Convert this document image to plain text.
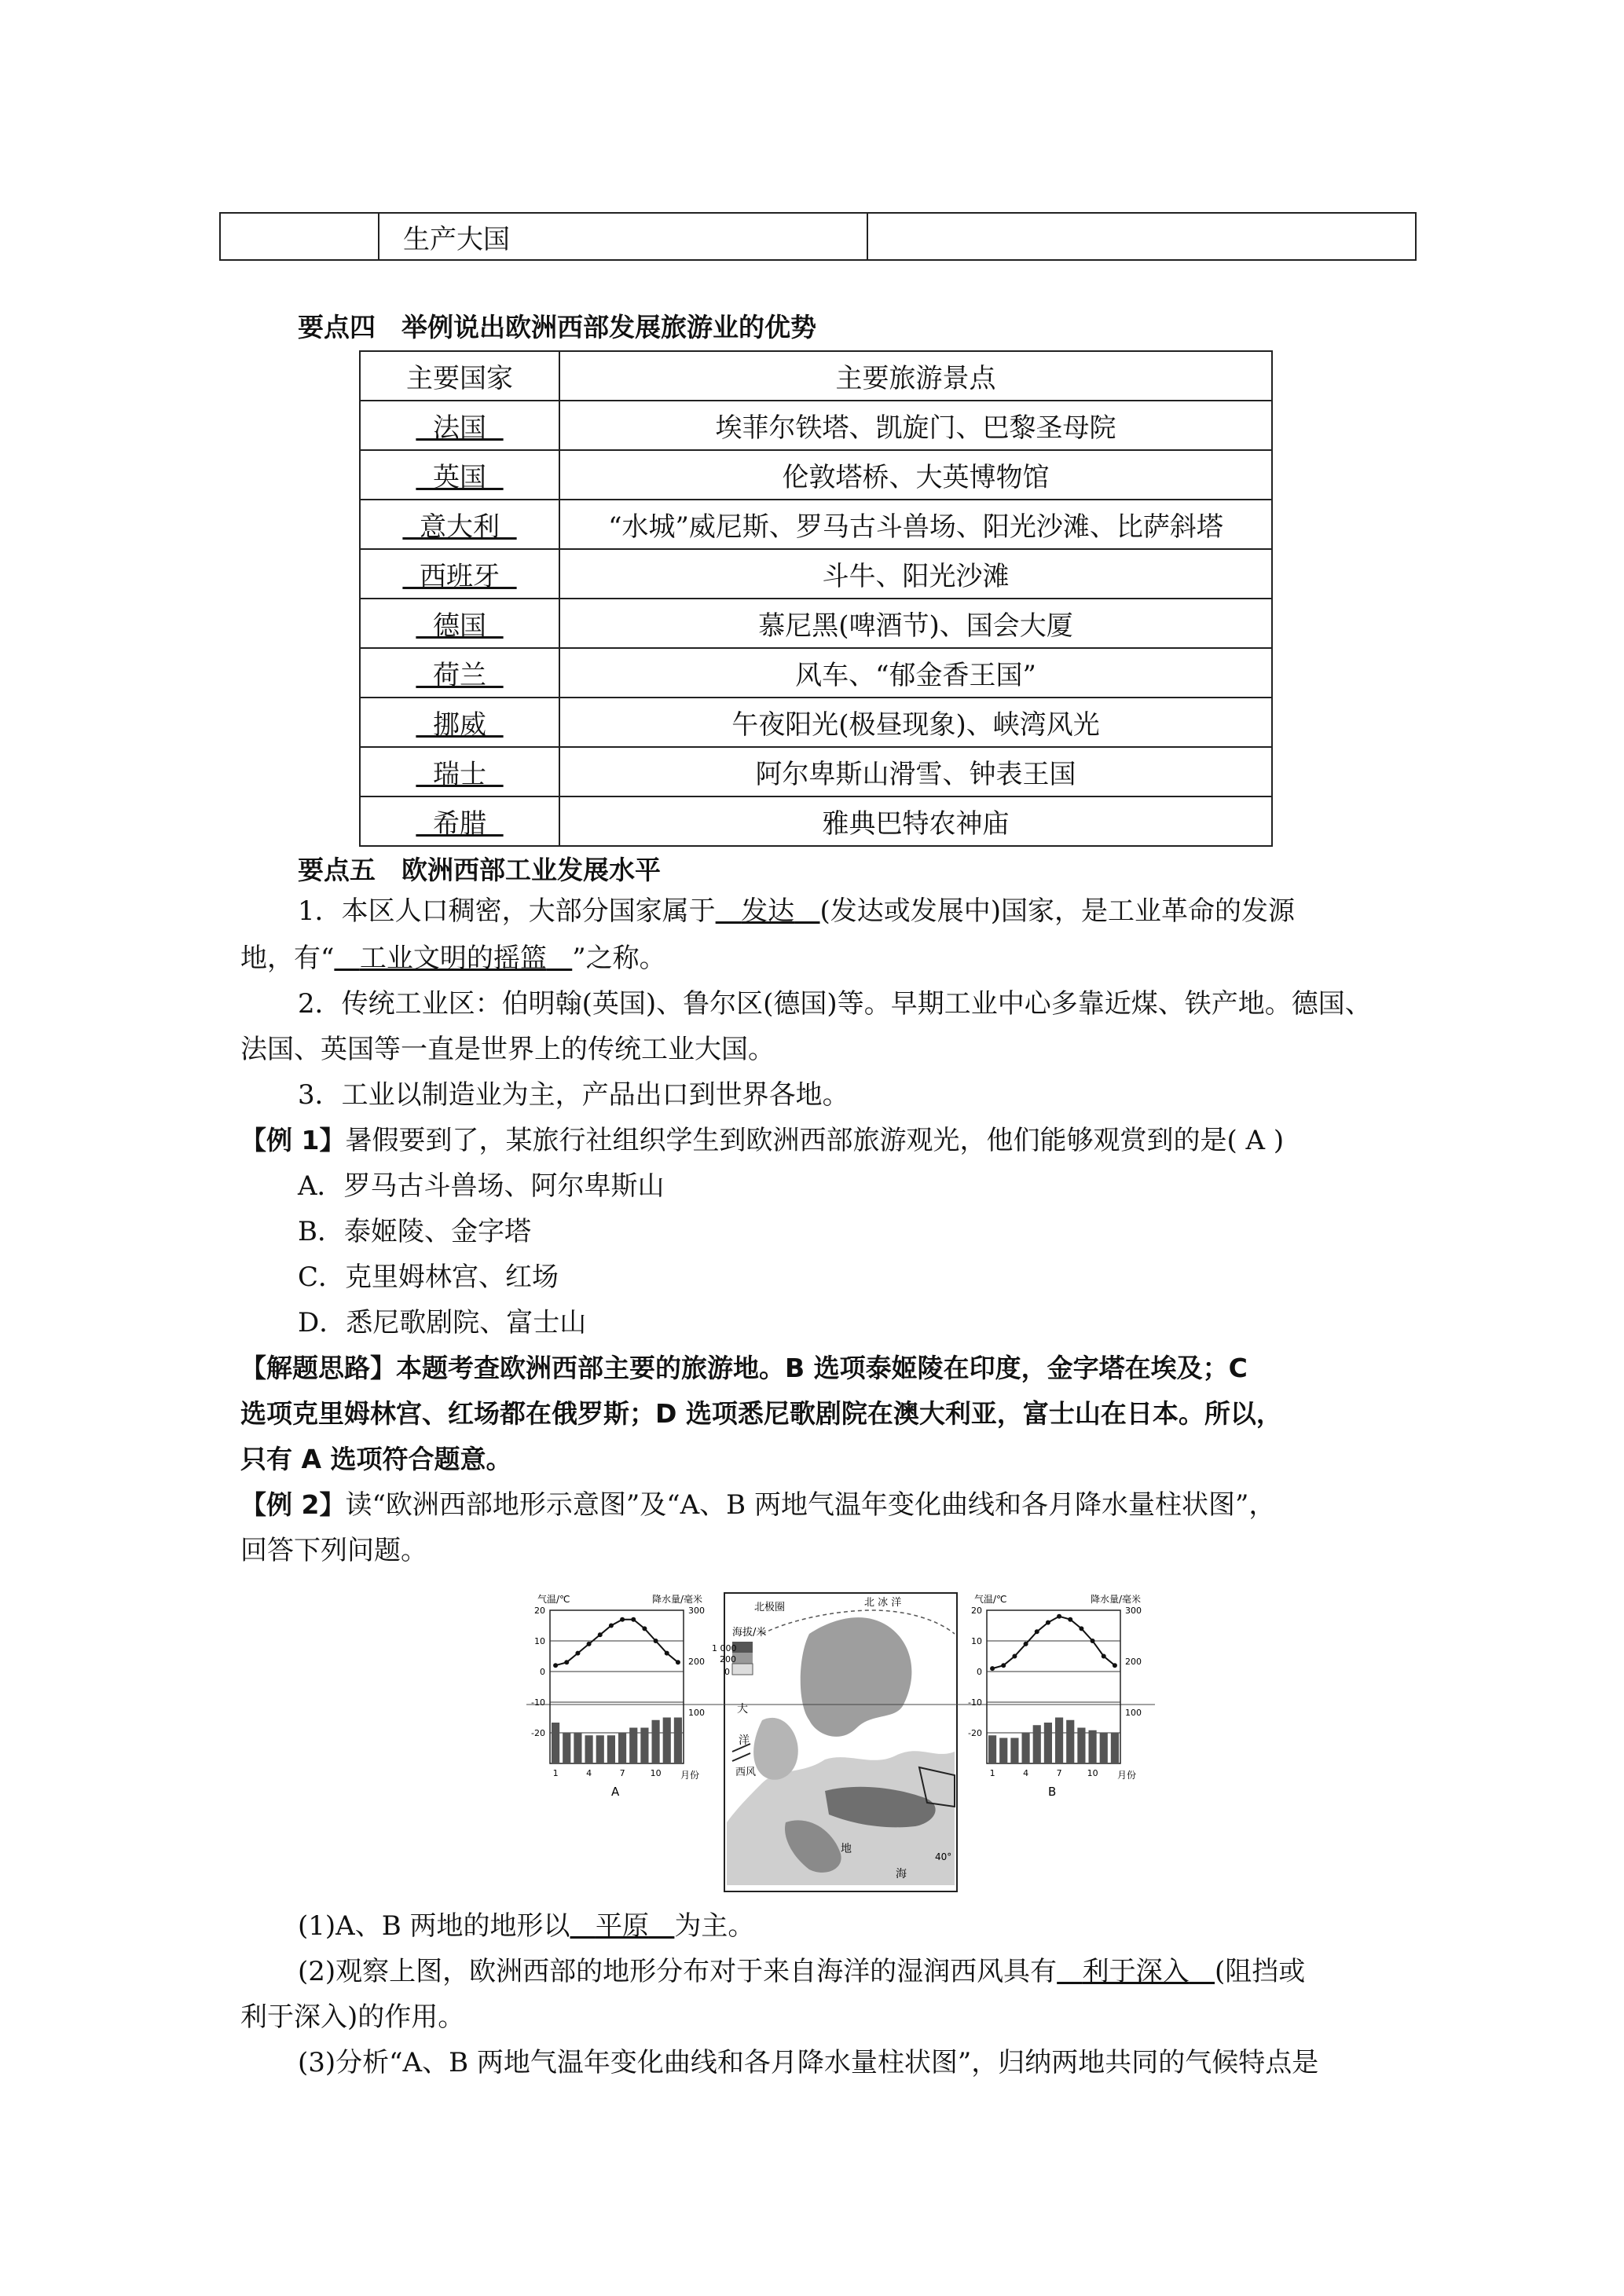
	生产大国	
要点四　举例说出欧洲西部发展旅游业的优势
主要国家	主要旅游景点
法国	埃菲尔铁塔、凯旋门、巴黎圣母院
英国	伦敦塔桥、大英博物馆
意大利	“水城”威尼斯、罗马古斗兽场、阳光沙滩、比萨斜塔
西班牙	斗牛、阳光沙滩
德国	慕尼黑(啤酒节)、国会大厦
荷兰	风车、“郁金香王国”
挪威	午夜阳光(极昼现象)、峡湾风光
瑞士	阿尔卑斯山滑雪、钟表王国
希腊	雅典巴特农神庙
要点五　欧洲西部工业发展水平
1．本区人口稠密，大部分国家属于 发达 (发达或发展中)国家，是工业革命的发源
地，有“ 工业文明的摇篮 ”之称。
2．传统工业区：伯明翰(英国)、鲁尔区(德国)等。早期工业中心多靠近煤、铁产地。德国、
法国、英国等一直是世界上的传统工业大国。
3．工业以制造业为主，产品出口到世界各地。
【例 1】暑假要到了，某旅行社组织学生到欧洲西部旅游观光，他们能够观赏到的是( A )
A．罗马古斗兽场、阿尔卑斯山
B．泰姬陵、金字塔
C．克里姆林宫、红场
D．悉尼歌剧院、富士山
【解题思路】本题考查欧洲西部主要的旅游地。B 选项泰姬陵在印度，金字塔在埃及；C
选项克里姆林宫、红场都在俄罗斯；D 选项悉尼歌剧院在澳大利亚，富士山在日本。所以，
只有 A 选项符合题意。
【例 2】读“欧洲西部地形示意图”及“A、B 两地气温年变化曲线和各月降水量柱状图”，
回答下列问题。
海拔/米
1 000
200
0
北极圈	北 冰 洋
大
洋
西风
地
海
40°
20
10
0
-10
-20
300
200
100
1	4	7	10
气温/℃	降水量/毫米
月份
A
20
10
0
-10
-20
300
200
100
1	4	7	10
气温/℃	降水量/毫米
月份
B
(1)A、B 两地的地形以 平原 为主。
(2)观察上图，欧洲西部的地形分布对于来自海洋的湿润西风具有 利于深入 (阻挡或
利于深入)的作用。
(3)分析“A、B 两地气温年变化曲线和各月降水量柱状图”，归纳两地共同的气候特点是
